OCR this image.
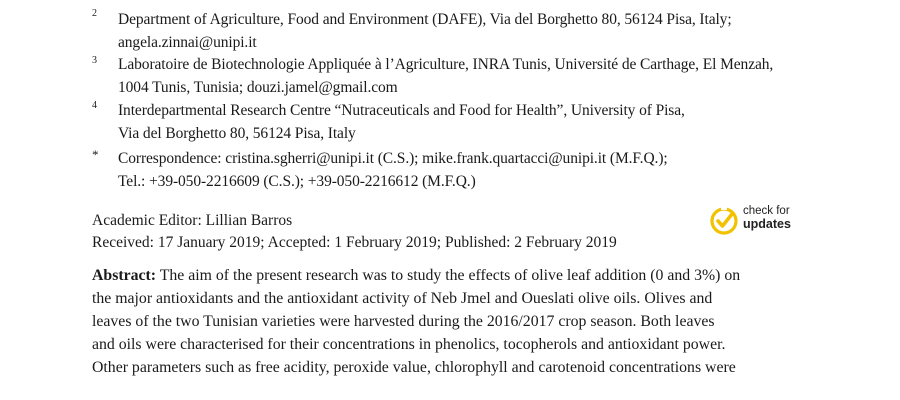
2 Department of Agriculture, Food and Environment (DAFE), Via del Borghetto 80, 56124 Pisa, Italy;
angela.zinnai@unipi.it
3 Laboratoire de Biotechnologie Appliquée à l’Agriculture, INRA Tunis, Université de Carthage, El Menzah,
1004 Tunis, Tunisia; douzi.jamel@gmail.com
4 Interdepartmental Research Centre “Nutraceuticals and Food for Health”, University of Pisa,
Via del Borghetto 80, 56124 Pisa, Italy
* Correspondence: cristina.sgherri@unipi.it (C.S.); mike.frank.quartacci@unipi.it (M.F.Q.);
Tel.: +39-050-2216609 (C.S.); +39-050-2216612 (M.F.Q.)
Academic Editor: Lillian Barros
Received: 17 January 2019; Accepted: 1 February 2019; Published: 2 February 2019
check for
updates
Abstract: The aim of the present research was to study the effects of olive leaf addition (0 and 3%) on
the major antioxidants and the antioxidant activity of Neb Jmel and Oueslati olive oils. Olives and
leaves of the two Tunisian varieties were harvested during the 2016/2017 crop season. Both leaves
and oils were characterised for their concentrations in phenolics, tocopherols and antioxidant power.
Other parameters such as free acidity, peroxide value, chlorophyll and carotenoid concentrations were
